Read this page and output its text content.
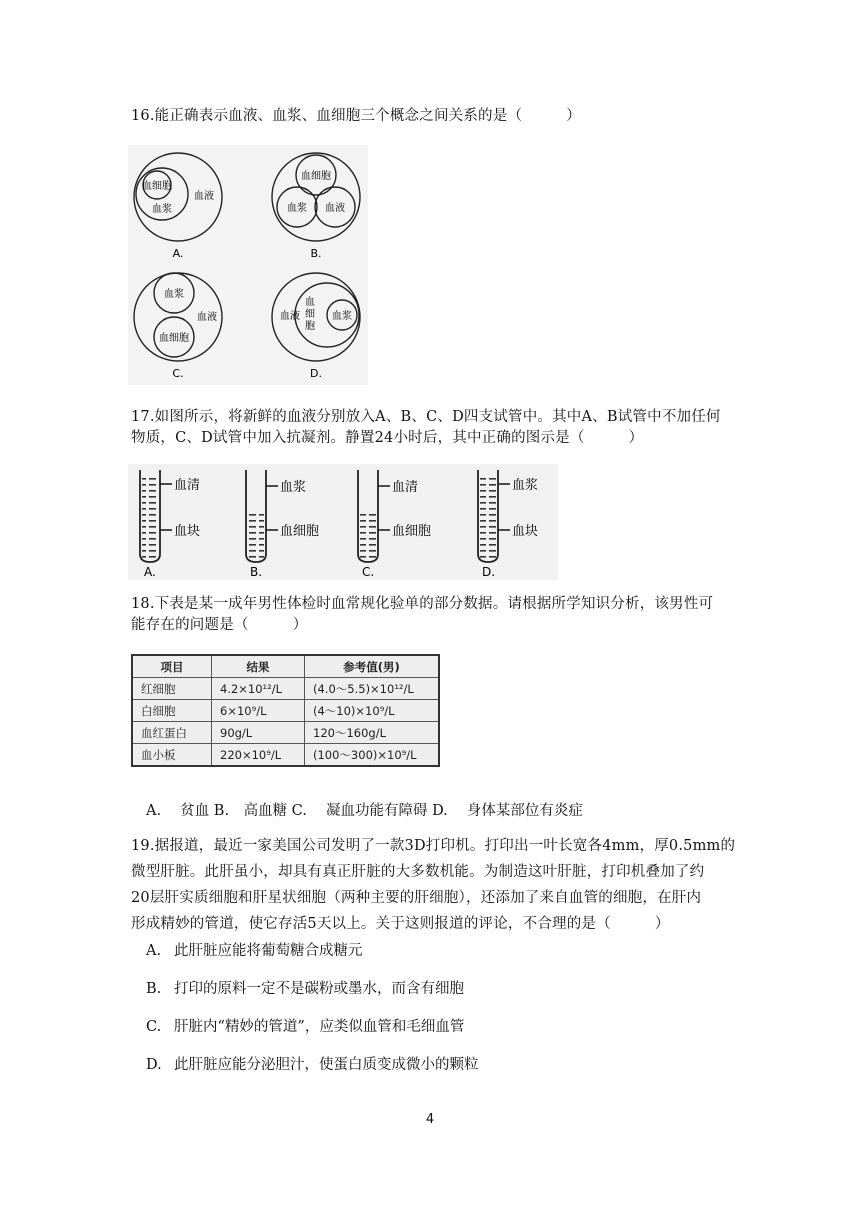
16.能正确表示血液、血浆、血细胞三个概念之间关系的是（　　　）
血细胞
血浆
血液
A.
血细胞
血浆 血液
B.
血浆
血液
血细胞
C.
血液	血浆
D.
血
细
胞
17.如图所示，将新鲜的血液分别放入A、B、C、D四支试管中。其中A、B试管中不加任何
物质，C、D试管中加入抗凝剂。静置24小时后，其中正确的图示是（　　　）
血清
血块
A.
血浆
血细胞
B.
血清
血细胞
C.
血浆
血块
D.
18.下表是某一成年男性体检时血常规化验单的部分数据。请根据所学知识分析，该男性可
能存在的问题是（　　　）
项目	结果	参考值(男)
红细胞	4.2×10¹²/L	(4.0～5.5)×10¹²/L
白细胞	6×10⁹/L	(4～10)×10⁹/L
血红蛋白	90g/L	120～160g/L
血小板	220×10⁹/L	(100～300)×10⁹/L
A.　 贫血 B.　高血糖 C.　 凝血功能有障碍 D.　 身体某部位有炎症
19.据报道，最近一家美国公司发明了一款3D打印机。打印出一叶长宽各4mm，厚0.5mm的
微型肝脏。此肝虽小，却具有真正肝脏的大多数机能。为制造这叶肝脏，打印机叠加了约
20层肝实质细胞和肝星状细胞（两种主要的肝细胞），还添加了来自血管的细胞，在肝内
形成精妙的管道，使它存活5天以上。关于这则报道的评论，不合理的是（　　　）
A. 此肝脏应能将葡萄糖合成糖元
B. 打印的原料一定不是碳粉或墨水，而含有细胞
C. 肝脏内“精妙的管道”，应类似血管和毛细血管
D. 此肝脏应能分泌胆汁，使蛋白质变成微小的颗粒
4
